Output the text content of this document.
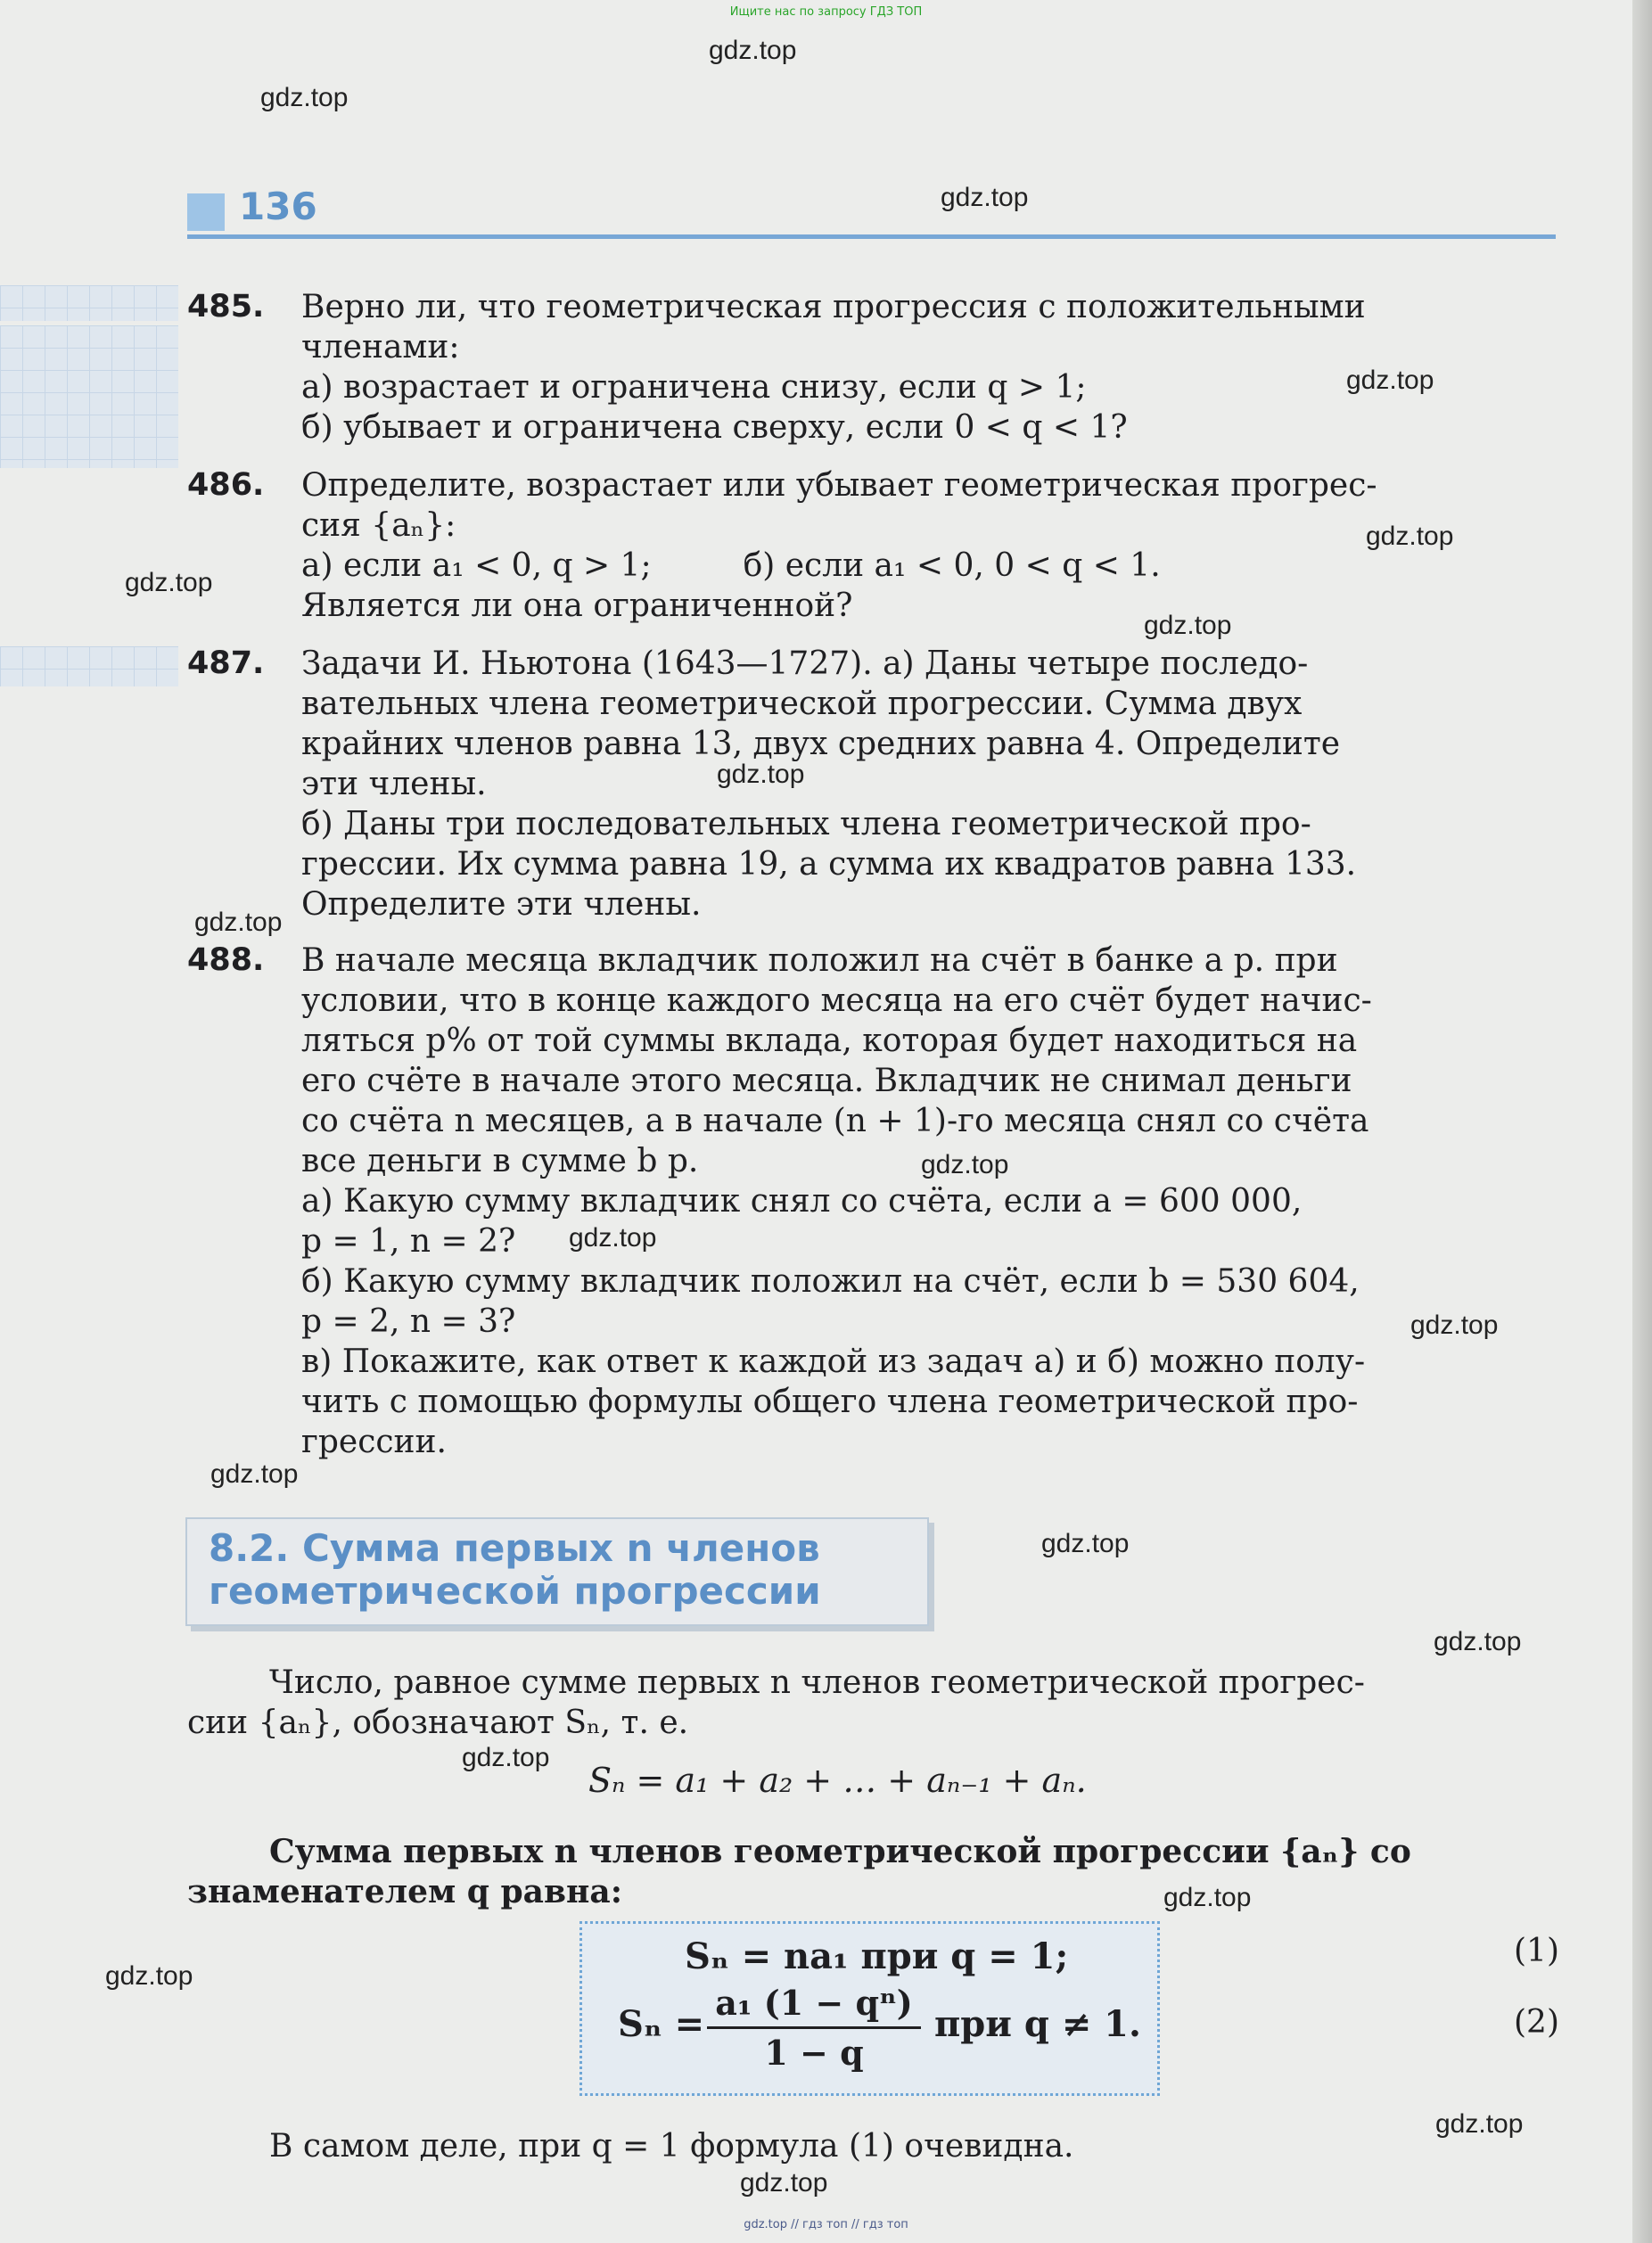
Ищите нас по запросу ГДЗ ТОП
136
485. Верно ли, что геометрическая прогрессия с положительными
членами:
а) возрастает и ограничена снизу, если q > 1;
б) убывает и ограничена сверху, если 0 < q < 1?
486. Определите, возрастает или убывает геометрическая прогрес-
сия {aₙ}:
а) если a₁ < 0, q > 1;         б) если a₁ < 0, 0 < q < 1.
Является ли она ограниченной?
487. Задачи И. Ньютона (1643—1727). а) Даны четыре последо-
вательных члена геометрической прогрессии. Сумма двух
крайних членов равна 13, двух средних равна 4. Определите
эти члены.
б) Даны три последовательных члена геометрической про-
грессии. Их сумма равна 19, а сумма их квадратов равна 133.
Определите эти члены.
488. В начале месяца вкладчик положил на счёт в банке a р. при
условии, что в конце каждого месяца на его счёт будет начис-
ляться p% от той суммы вклада, которая будет находиться на
его счёте в начале этого месяца. Вкладчик не снимал деньги
со счёта n месяцев, а в начале (n + 1)-го месяца снял со счёта
все деньги в сумме b р.
а) Какую сумму вкладчик снял со счёта, если a = 600 000,
p = 1, n = 2?
б) Какую сумму вкладчик положил на счёт, если b = 530 604,
p = 2, n = 3?
в) Покажите, как ответ к каждой из задач а) и б) можно полу-
чить с помощью формулы общего члена геометрической про-
грессии.
8.2. Сумма первых n членов
геометрической прогрессии
Число, равное сумме первых n членов геометрической прогрес-
сии {aₙ}, обозначают Sₙ, т. е.
Sₙ = a₁ + a₂ + … + aₙ₋₁ + aₙ.
Сумма первых n членов геометрической прогрессии {aₙ} со
знаменателем q равна:
Sₙ = na₁ при q = 1;
Sₙ =
a₁ (1 − qⁿ)
1 − q
при q ≠ 1.
(1)
(2)
В самом деле, при q = 1 формула (1) очевидна.
gdz.top
gdz.top
gdz.top
gdz.top
gdz.top
gdz.top
gdz.top
gdz.top
gdz.top
gdz.top
gdz.top
gdz.top
gdz.top
gdz.top
gdz.top
gdz.top
gdz.top
gdz.top
gdz.top
gdz.top
gdz.top // гдз топ // гдз топ
